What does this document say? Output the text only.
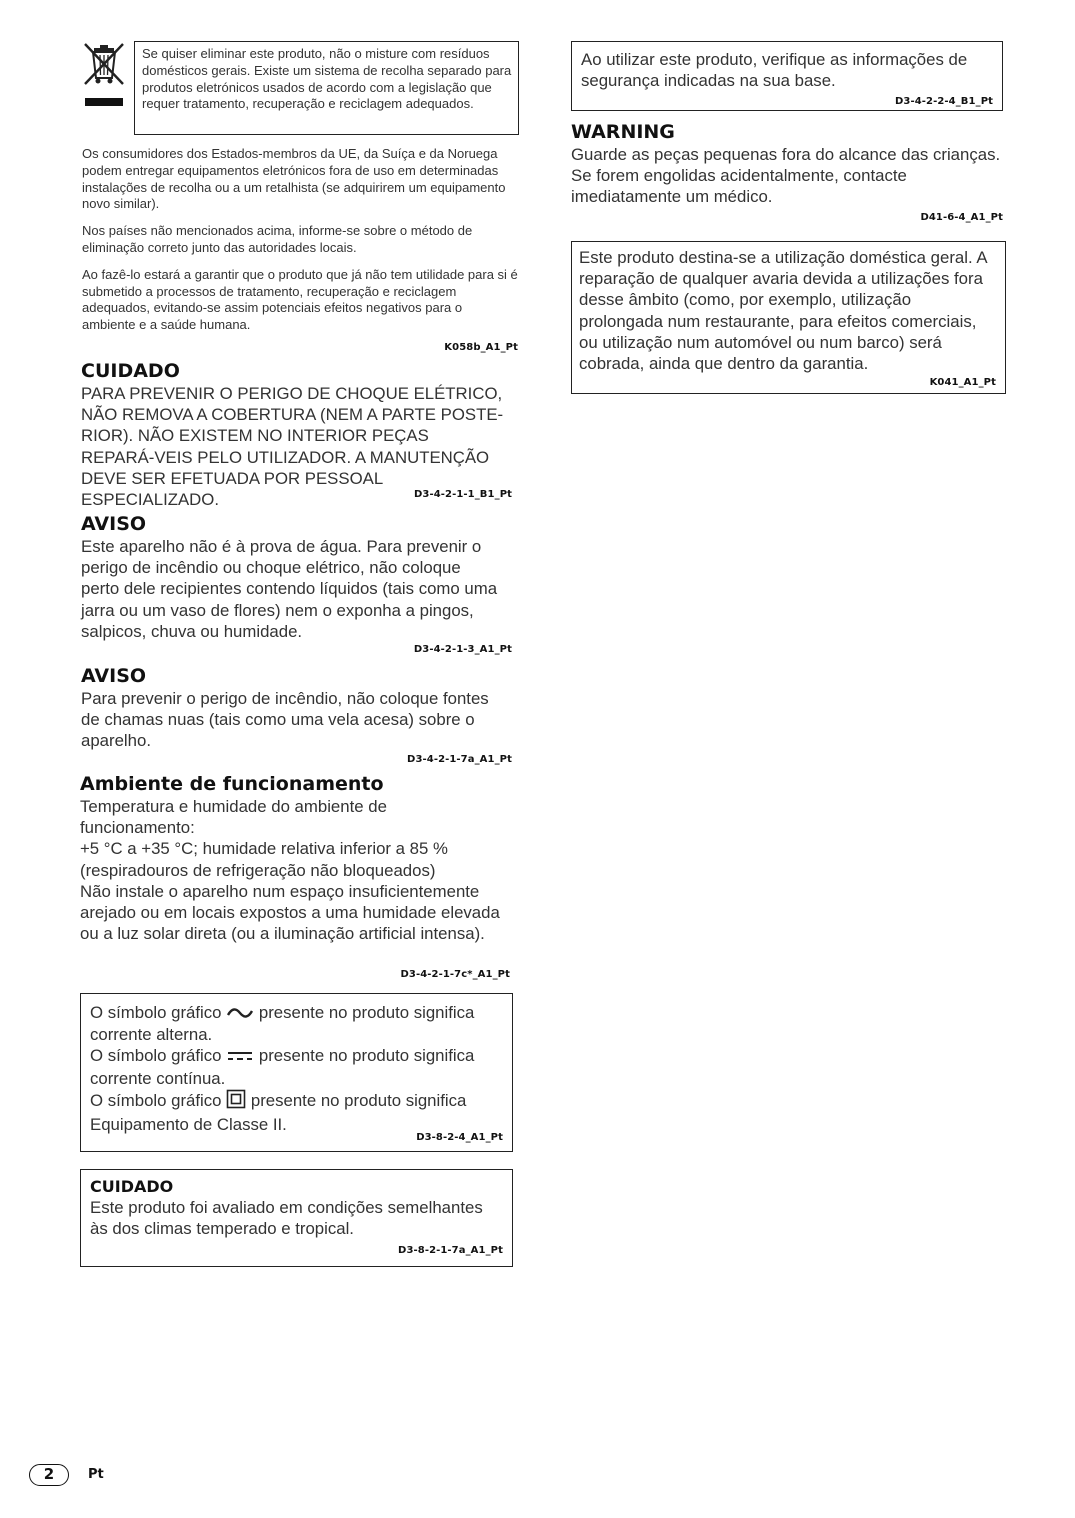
Se quiser eliminar este produto, não o misture com resíduos domésticos gerais. Existe um sistema de recolha separado para produtos eletrónicos usados de acordo com a legislação que requer tratamento, recuperação e reciclagem adequados.

Os consumidores dos Estados-membros da UE, da Suíça e da Noruega podem entregar equipamentos eletrónicos fora de uso em determinadas instalações de recolha ou a um retalhista (se adquirirem um equipamento novo similar).

Nos países não mencionados acima, informe-se sobre o método de eliminação correto junto das autoridades locais.

Ao fazê-lo estará a garantir que o produto que já não tem utilidade para si é submetido a processos de tratamento, recuperação e reciclagem adequados, evitando-se assim potenciais efeitos negativos para o ambiente e a saúde humana.

K058b_A1_Pt
CUIDADO

PARA PREVENIR O PERIGO DE CHOQUE ELÉTRICO, NÃO REMOVA A COBERTURA (NEM A PARTE POSTE-RIOR). NÃO EXISTEM NO INTERIOR PEÇAS REPARÁ-VEIS PELO UTILIZADOR. A MANUTENÇÃO DEVE SER EFETUADA POR PESSOAL ESPECIALIZADO.	D3-4-2-1-1_B1_Pt
AVISO

Este aparelho não é à prova de água. Para prevenir o perigo de incêndio ou choque elétrico, não coloque perto dele recipientes contendo líquidos (tais como uma jarra ou um vaso de flores) nem o exponha a pingos, salpicos, chuva ou humidade.

D3-4-2-1-3_A1_Pt
AVISO

Para prevenir o perigo de incêndio, não coloque fontes de chamas nuas (tais como uma vela acesa) sobre o aparelho.

D3-4-2-1-7a_A1_Pt
Ambiente de funcionamento

Temperatura e humidade do ambiente de funcionamento:

+5 °C a +35 °C; humidade relativa inferior a 85 % (respiradouros de refrigeração não bloqueados)

Não instale o aparelho num espaço insuficientemente arejado ou em locais expostos a uma humidade elevada ou a luz solar direta (ou a iluminação artificial intensa).

D3-4-2-1-7c*_A1_Pt

O símbolo gráfico presente no produto significa
corrente alterna.

O símbolo gráfico presente no produto significa
corrente contínua.

O símbolo gráfico presente no produto significa
Equipamento de Classe II.

D3-8-2-4_A1_Pt
CUIDADO

Este produto foi avaliado em condições semelhantes às dos climas temperado e tropical.

D3-8-2-1-7a_A1_Pt

Ao utilizar este produto, verifique as informações de segurança indicadas na sua base.

D3-4-2-2-4_B1_Pt
WARNING

Guarde as peças pequenas fora do alcance das crianças. Se forem engolidas acidentalmente, contacte imediatamente um médico.

D41-6-4_A1_Pt

Este produto destina-se a utilização doméstica geral. A reparação de qualquer avaria devida a utilizações fora desse âmbito (como, por exemplo, utilização prolongada num restaurante, para efeitos comerciais, ou utilização num automóvel ou num barco) será cobrada, ainda que dentro da garantia.

K041_A1_Pt
2	Pt
